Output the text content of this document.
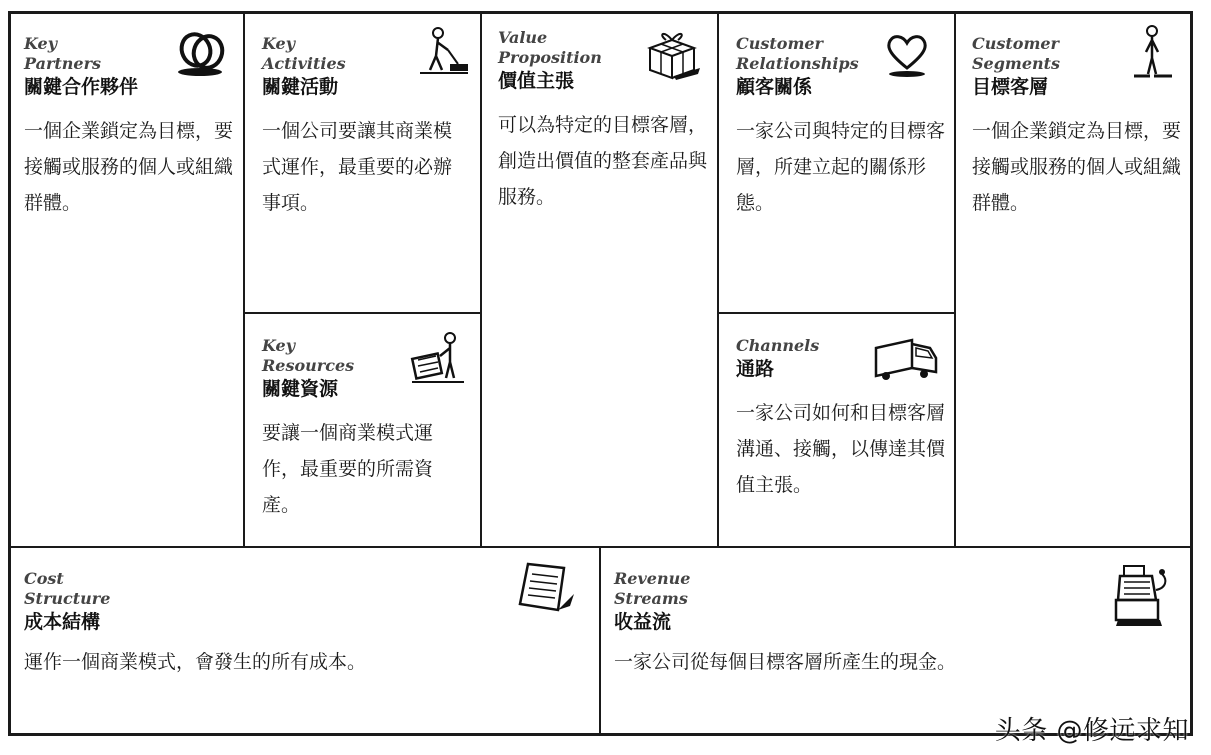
Key
Partners
關鍵合作夥伴
一個企業鎖定為目標，要接觸或服務的個人或組織群體。
Key
Activities
關鍵活動
一個公司要讓其商業模式運作，最重要的必辦事項。
Key
Resources
關鍵資源
要讓一個商業模式運作，最重要的所需資產。
Value
Proposition
價值主張
可以為特定的目標客層，創造出價值的整套產品與服務。
Customer
Relationships
顧客關係
一家公司與特定的目標客層，所建立起的關係形態。
Channels
通路
一家公司如何和目標客層溝通、接觸，以傳達其價值主張。
Customer
Segments
目標客層
一個企業鎖定為目標，要接觸或服務的個人或組織群體。
Cost
Structure
成本結構
運作一個商業模式，會發生的所有成本。
Revenue
Streams
收益流
一家公司從每個目標客層所產生的現金。
头条 @修远求知
